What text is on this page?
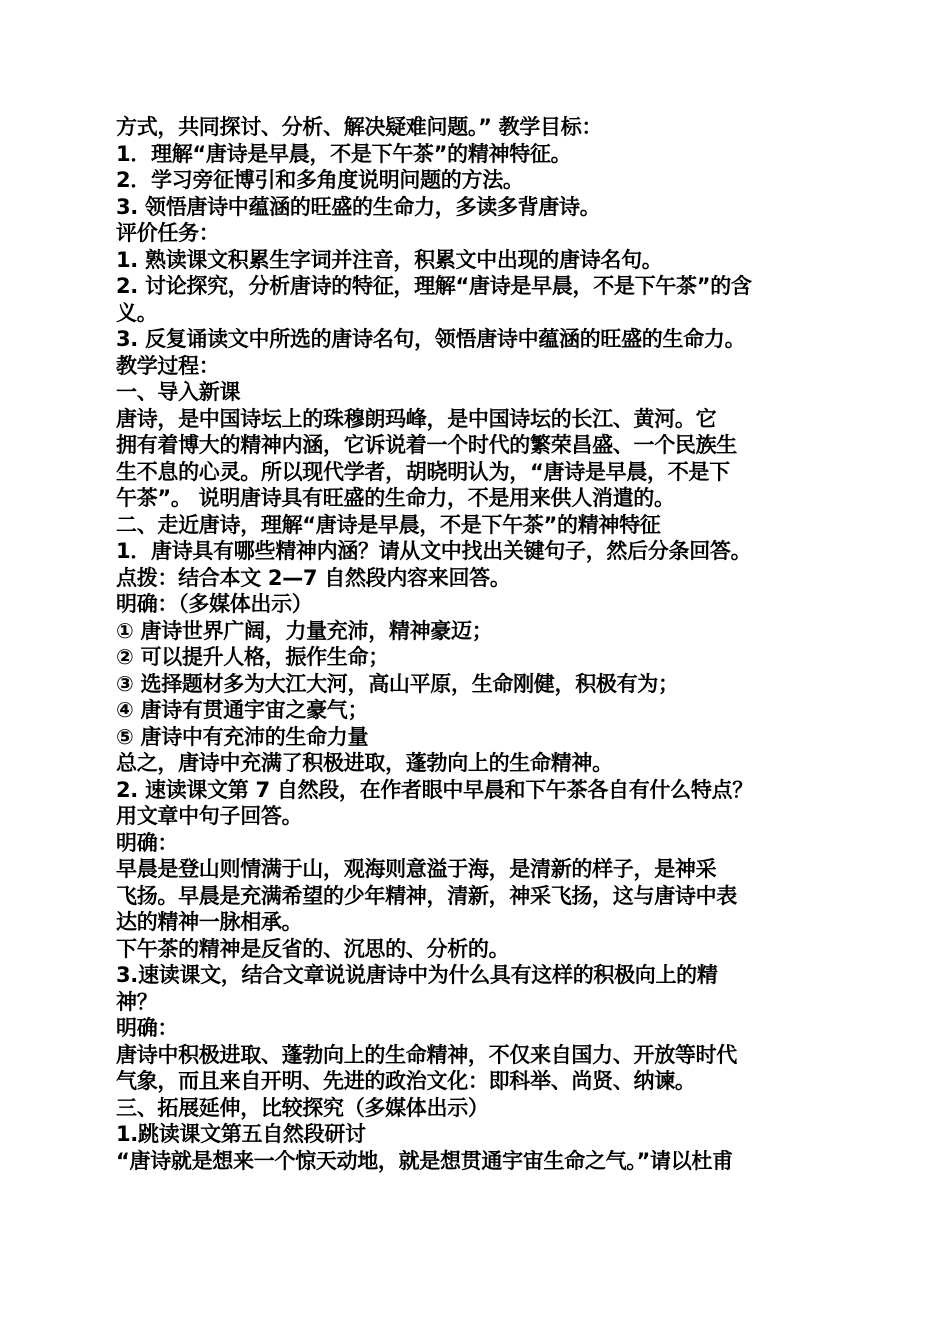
方式，共同探讨、分析、解决疑难问题。” 教学目标：
1．理解“唐诗是早晨，不是下午茶”的精神特征。
2．学习旁征博引和多角度说明问题的方法。
3. 领悟唐诗中蕴涵的旺盛的生命力，多读多背唐诗。
评价任务：
1. 熟读课文积累生字词并注音，积累文中出现的唐诗名句。
2. 讨论探究，分析唐诗的特征，理解“唐诗是早晨，不是下午茶”的含
义。
3. 反复诵读文中所选的唐诗名句，领悟唐诗中蕴涵的旺盛的生命力。
教学过程：
一、导入新课
唐诗，是中国诗坛上的珠穆朗玛峰，是中国诗坛的长江、黄河。它
拥有着博大的精神内涵，它诉说着一个时代的繁荣昌盛、一个民族生
生不息的心灵。所以现代学者，胡晓明认为，“唐诗是早晨，不是下
午茶”。 说明唐诗具有旺盛的生命力，不是用来供人消遣的。
二、走近唐诗，理解“唐诗是早晨，不是下午茶”的精神特征
1．唐诗具有哪些精神内涵？请从文中找出关键句子，然后分条回答。
点拨：结合本文 2—7 自然段内容来回答。
明确：（多媒体出示）
① 唐诗世界广阔，力量充沛，精神豪迈；
② 可以提升人格，振作生命；
③ 选择题材多为大江大河，高山平原，生命刚健，积极有为；
④ 唐诗有贯通宇宙之豪气；
⑤ 唐诗中有充沛的生命力量
总之，唐诗中充满了积极进取，蓬勃向上的生命精神。
2. 速读课文第 7 自然段，在作者眼中早晨和下午茶各自有什么特点？
用文章中句子回答。
明确：
早晨是登山则情满于山，观海则意溢于海，是清新的样子，是神采
飞扬。早晨是充满希望的少年精神，清新，神采飞扬，这与唐诗中表
达的精神一脉相承。
下午茶的精神是反省的、沉思的、分析的。
3.速读课文，结合文章说说唐诗中为什么具有这样的积极向上的精
神？
明确：
唐诗中积极进取、蓬勃向上的生命精神，不仅来自国力、开放等时代
气象，而且来自开明、先进的政治文化：即科举、尚贤、纳谏。
三、拓展延伸，比较探究（多媒体出示）
1.跳读课文第五自然段研讨
“唐诗就是想来一个惊天动地，就是想贯通宇宙生命之气。”请以杜甫
